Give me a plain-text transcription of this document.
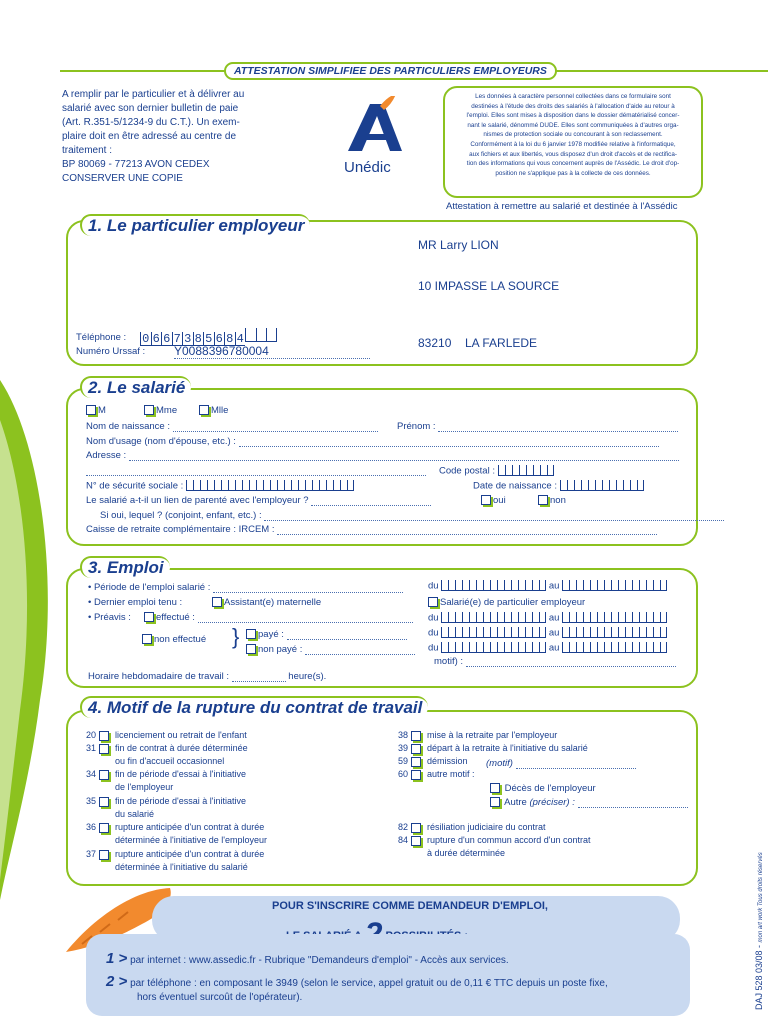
ATTESTATION SIMPLIFIEE DES PARTICULIERS EMPLOYEURS
A remplir par le particulier et à délivrer au
salarié avec son dernier bulletin de paie
(Art. R.351-5/1234-9 du C.T.). Un exem-
plaire doit en être adressé au centre de
traitement :
BP 80069 - 77213 AVON CEDEX
CONSERVER UNE COPIE
Unédic
Les données à caractère personnel collectées dans ce formulaire sont
destinées à l'étude des droits des salariés à l'allocation d'aide au retour à
l'emploi. Elles sont mises à disposition dans le dossier dématérialisé concer-
nant le salarié, dénommé DUDE. Elles sont communiquées à d'autres orga-
nismes de protection sociale ou concourant à son reclassement.
Conformément à la loi du 6 janvier 1978 modifiée relative à l'informatique,
aux fichiers et aux libertés, vous disposez d'un droit d'accès et de rectifica-
tion des informations qui vous concernent auprès de l'Assédic. Le droit d'op-
position ne s'applique pas à la collecte de ces données.
Attestation à remettre au salarié et destinée à l'Assédic
1. Le particulier employeur
MR Larry LION
10 IMPASSE LA SOURCE
83210 LA FARLEDE
Téléphone : 0 6 6 7 3 8 5 6 8 4
Numéro Urssaf : Y0088396780004
2. Le salarié
M	Mme	Mlle
Nom de naissance :	Prénom :
Nom d'usage (nom d'épouse, etc.) :
Adresse :
Code postal :
N° de sécurité sociale :	Date de naissance :
Le salarié a-t-il un lien de parenté avec l'employeur ?	oui	non
Si oui, lequel ? (conjoint, enfant, etc.) :
Caisse de retraite complémentaire : IRCEM :
3. Emploi
• Période de l'emploi salarié :	du	au
• Dernier emploi tenu :	Assistant(e) maternelle	Salarié(e) de particulier employeur
• Préavis :	effectué :
non effectué }	payé :
non payé :
du	au
du	au
du	au
motif) :
Horaire hebdomadaire de travail :	heure(s).
4. Motif de la rupture du contrat de travail
20 licenciement ou retrait de l'enfant
31 fin de contrat à durée déterminée
ou fin d'accueil occasionnel
34 fin de période d'essai à l'initiative
de l'employeur
35 fin de période d'essai à l'initiative
du salarié
36 rupture anticipée d'un contrat à durée
déterminée à l'initiative de l'employeur
37 rupture anticipée d'un contrat à durée
déterminée à l'initiative du salarié
38 mise à la retraite par l'employeur
39 départ à la retraite à l'initiative du salarié
59 démission
60 autre motif :
82 résiliation judiciaire du contrat
84 rupture d'un commun accord d'un contrat
à durée déterminée
(motif)
Décès de l'employeur
Autre (préciser) :
POUR S'INSCRIRE COMME DEMANDEUR D'EMPLOI,
1 > par internet : www.assedic.fr - Rubrique "Demandeurs d'emploi" - Accès aux services.
2 > par téléphone : en composant le 3949 (selon le service, appel gratuit ou de 0,11 € TTC depuis un poste fixe,
hors éventuel surcoût de l'opérateur).	DAJ 528 03/08 - mon art work Tous droits réservés
